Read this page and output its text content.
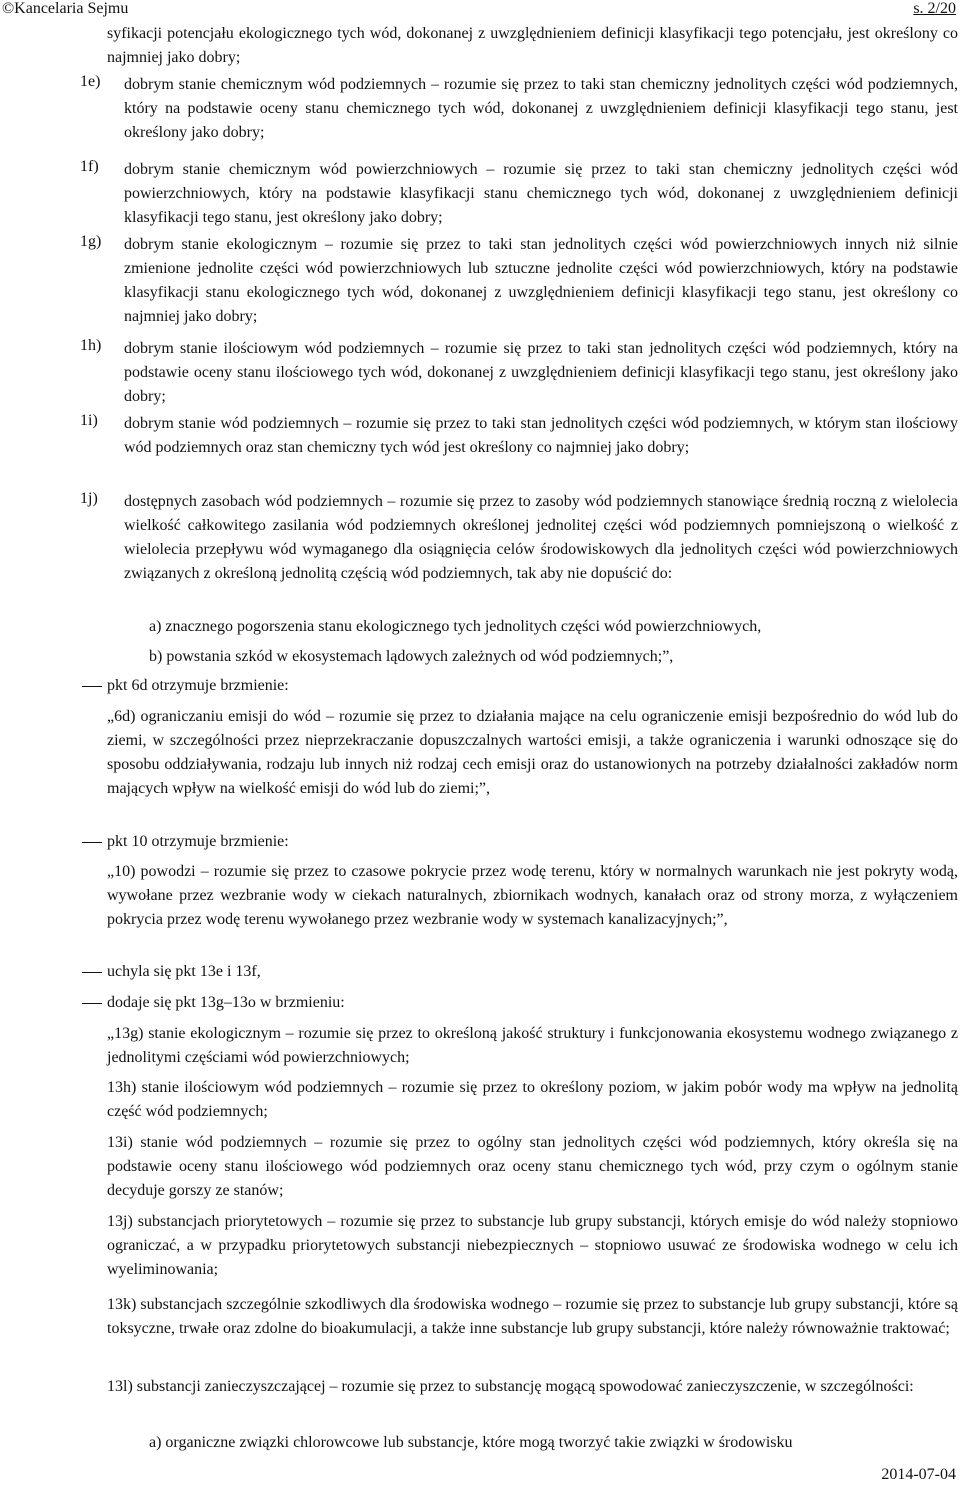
©Kancelaria Sejmu	s. 2/20
syfikacji potencjału ekologicznego tych wód, dokonanej z uwzględnieniem definicji klasyfikacji tego potencjału, jest określony co najmniej jako dobry;
1e) dobrym stanie chemicznym wód podziemnych – rozumie się przez to taki stan chemiczny jednolitych części wód podziemnych, który na podstawie oceny stanu chemicznego tych wód, dokonanej z uwzględnieniem definicji klasyfikacji tego stanu, jest określony jako dobry;
1f) dobrym stanie chemicznym wód powierzchniowych – rozumie się przez to taki stan chemiczny jednolitych części wód powierzchniowych, który na podstawie klasyfikacji stanu chemicznego tych wód, dokonanej z uwzględnieniem definicji klasyfikacji tego stanu, jest określony jako dobry;
1g) dobrym stanie ekologicznym – rozumie się przez to taki stan jednolitych części wód powierzchniowych innych niż silnie zmienione jednolite części wód powierzchniowych lub sztuczne jednolite części wód powierzchniowych, który na podstawie klasyfikacji stanu ekologicznego tych wód, dokonanej z uwzględnieniem definicji klasyfikacji tego stanu, jest określony co najmniej jako dobry;
1h) dobrym stanie ilościowym wód podziemnych – rozumie się przez to taki stan jednolitych części wód podziemnych, który na podstawie oceny stanu ilościowego tych wód, dokonanej z uwzględnieniem definicji klasyfikacji tego stanu, jest określony jako dobry;
1i) dobrym stanie wód podziemnych – rozumie się przez to taki stan jednolitych części wód podziemnych, w którym stan ilościowy wód podziemnych oraz stan chemiczny tych wód jest określony co najmniej jako dobry;
1j) dostępnych zasobach wód podziemnych – rozumie się przez to zasoby wód podziemnych stanowiące średnią roczną z wielolecia wielkość całkowitego zasilania wód podziemnych określonej jednolitej części wód podziemnych pomniejszoną o wielkość z wielolecia przepływu wód wymaganego dla osiągnięcia celów środowiskowych dla jednolitych części wód powierzchniowych związanych z określoną jednolitą częścią wód podziemnych, tak aby nie dopuścić do:
a) znacznego pogorszenia stanu ekologicznego tych jednolitych części wód powierzchniowych,
b) powstania szkód w ekosystemach lądowych zależnych od wód podziemnych;”,
pkt 6d otrzymuje brzmienie:
„6d) ograniczaniu emisji do wód – rozumie się przez to działania mające na celu ograniczenie emisji bezpośrednio do wód lub do ziemi, w szczególności przez nieprzekraczanie dopuszczalnych wartości emisji, a także ograniczenia i warunki odnoszące się do sposobu oddziaływania, rodzaju lub innych niż rodzaj cech emisji oraz do ustanowionych na potrzeby działalności zakładów norm mających wpływ na wielkość emisji do wód lub do ziemi;”,
pkt 10 otrzymuje brzmienie:
„10) powodzi – rozumie się przez to czasowe pokrycie przez wodę terenu, który w normalnych warunkach nie jest pokryty wodą, wywołane przez wezbranie wody w ciekach naturalnych, zbiornikach wodnych, kanałach oraz od strony morza, z wyłączeniem pokrycia przez wodę terenu wywołanego przez wezbranie wody w systemach kanalizacyjnych;”,
uchyla się pkt 13e i 13f,
dodaje się pkt 13g–13o w brzmieniu:
„13g) stanie ekologicznym – rozumie się przez to określoną jakość struktury i funkcjonowania ekosystemu wodnego związanego z jednolitymi częściami wód powierzchniowych;
13h) stanie ilościowym wód podziemnych – rozumie się przez to określony poziom, w jakim pobór wody ma wpływ na jednolitą część wód podziemnych;
13i) stanie wód podziemnych – rozumie się przez to ogólny stan jednolitych części wód podziemnych, który określa się na podstawie oceny stanu ilościowego wód podziemnych oraz oceny stanu chemicznego tych wód, przy czym o ogólnym stanie decyduje gorszy ze stanów;
13j) substancjach priorytetowych – rozumie się przez to substancje lub grupy substancji, których emisje do wód należy stopniowo ograniczać, a w przypadku priorytetowych substancji niebezpiecznych – stopniowo usuwać ze środowiska wodnego w celu ich wyeliminowania;
13k) substancjach szczególnie szkodliwych dla środowiska wodnego – rozumie się przez to substancje lub grupy substancji, które są toksyczne, trwałe oraz zdolne do bioakumulacji, a także inne substancje lub grupy substancji, które należy równoważnie traktować;
13l) substancji zanieczyszczającej – rozumie się przez to substancję mogącą spowodować zanieczyszczenie, w szczególności:
a) organiczne związki chlorowcowe lub substancje, które mogą tworzyć takie związki w środowisku
2014-07-04
